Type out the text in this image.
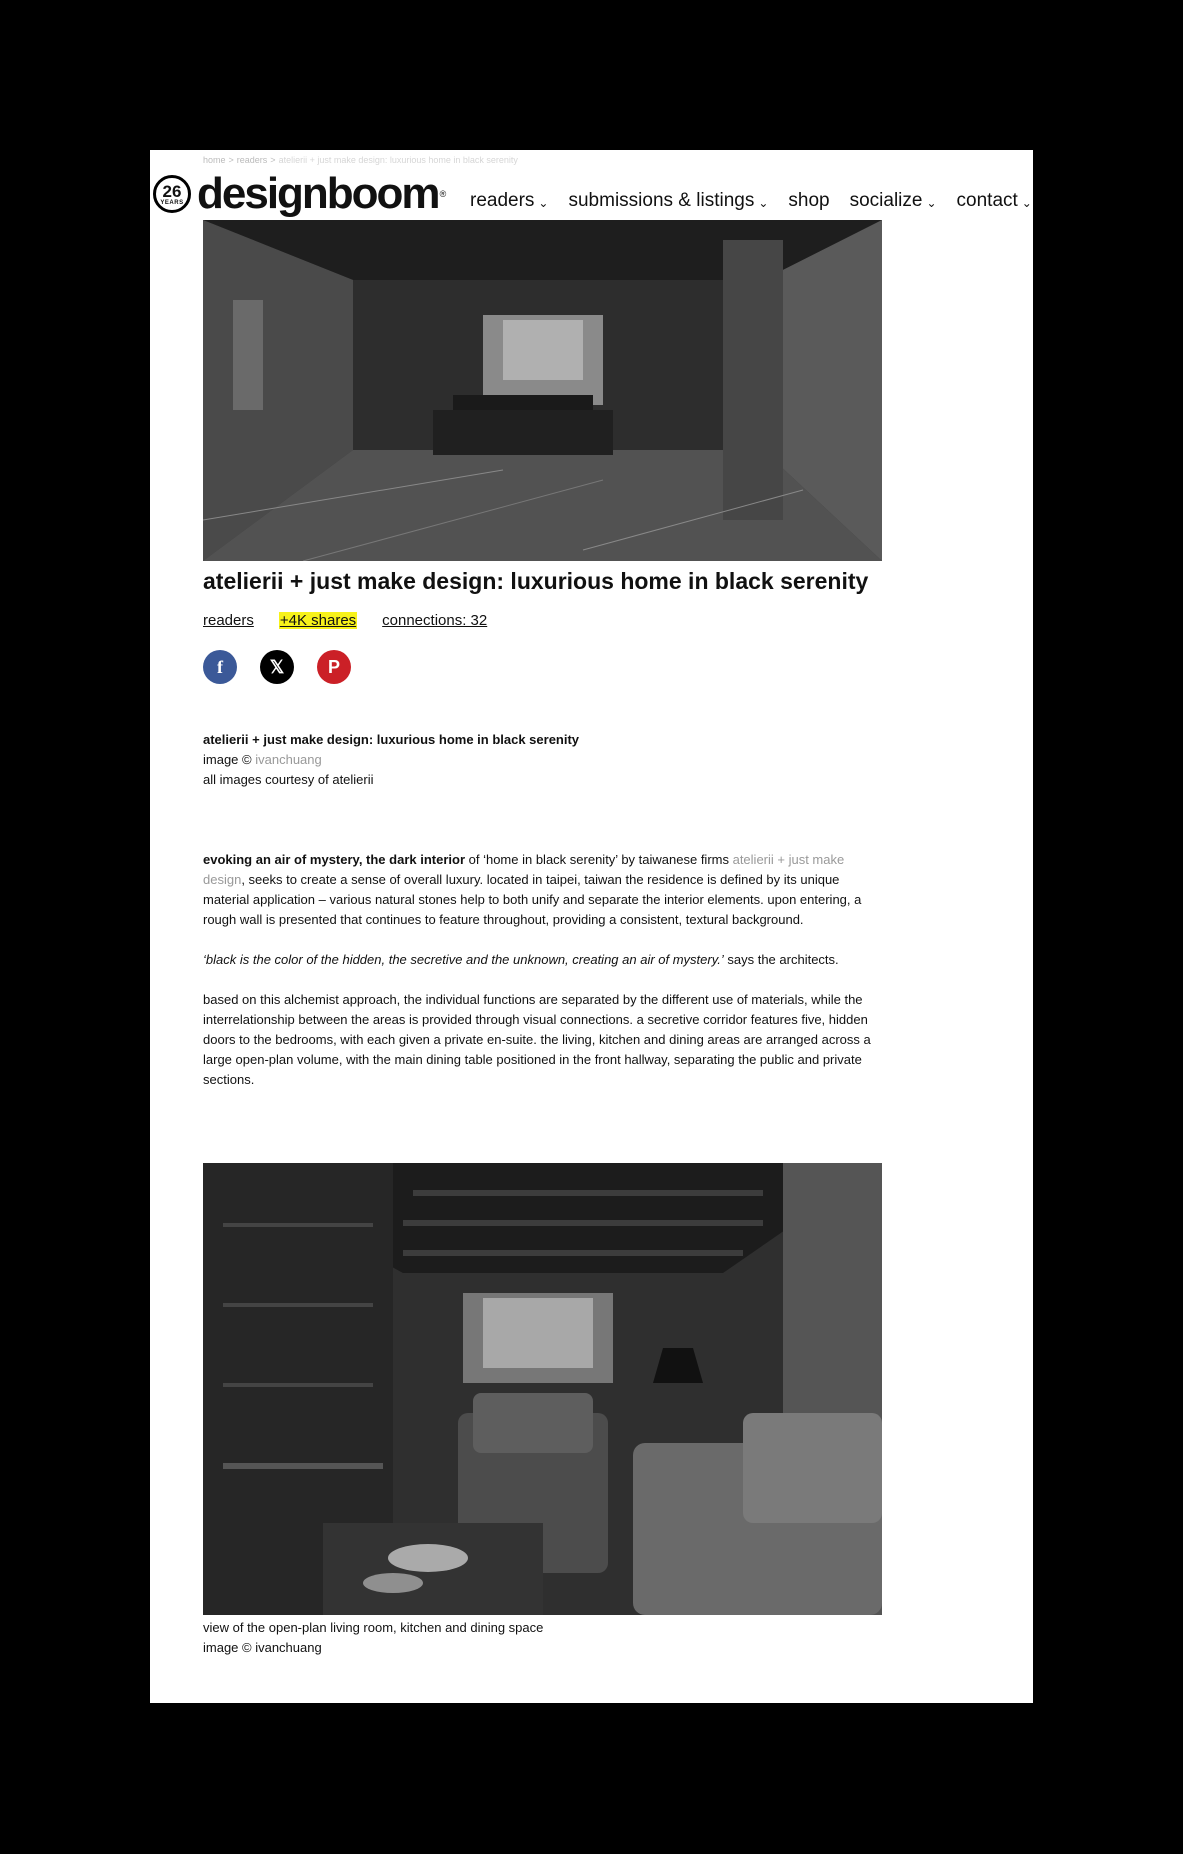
home > readers > atelierii + just make design: luxurious home in black serenity
26
YEARS designboom ® readers ⌄ submissions & listings ⌄ shop socialize ⌄ contact ⌄
atelierii + just make design: luxurious home in black serenity
readers +4K shares connections: 32
f	𝕏	P
atelierii + just make design: luxurious home in black serenity
image © ivanchuang
all images courtesy of atelierii

evoking an air of mystery, the dark interior of ‘home in black serenity’ by taiwanese firms atelierii + just make design, seeks to create a sense of overall luxury. located in taipei, taiwan the residence is defined by its unique material application – various natural stones help to both unify and separate the interior elements. upon entering, a rough wall is presented that continues to feature throughout, providing a consistent, textural background.

‘black is the color of the hidden, the secretive and the unknown, creating an air of mystery.’ says the architects.

based on this alchemist approach, the individual functions are separated by the different use of materials, while the interrelationship between the areas is provided through visual connections. a secretive corridor features five, hidden doors to the bedrooms, with each given a private en-suite. the living, kitchen and dining areas are arranged across a large open-plan volume, with the main dining table positioned in the front hallway, separating the public and private sections.

view of the open-plan living room, kitchen and dining space
image © ivanchuang
